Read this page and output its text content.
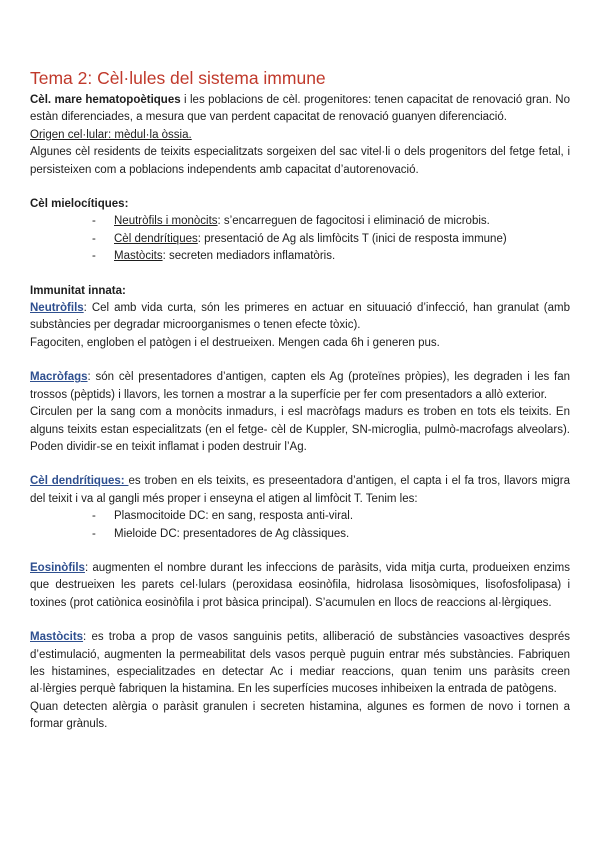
Tema 2: Cèl·lules del sistema immune

Cèl. mare hematopoètiques i les poblacions de cèl. progenitores: tenen capacitat de renovació gran. No estàn diferenciades, a mesura que van perdent capacitat de renovació guanyen diferenciació.

Origen cel·lular: mèdul·la òssia.

Algunes cèl residents de teixits especialitzats sorgeixen del sac vitel·li o dels progenitors del fetge fetal, i persisteixen com a poblacions independents amb capacitat d’autorenovació.

Cèl mielocítiques:

- Neutròfils i monòcits: s’encarreguen de fagocitosi i eliminació de microbis.
- Cèl dendrítiques: presentació de Ag als limfòcits T (inici de resposta immune)
- Mastòcits: secreten mediadors inflamatòris.

Immunitat innata:

Neutròfils: Cel amb vida curta, són les primeres en actuar en situuació d’infecció, han granulat (amb substàncies per degradar microorganismes o tenen efecte tòxic).

Fagociten, engloben el patògen i el destrueixen. Mengen cada 6h i generen pus.

Macròfags: són cèl presentadores d’antigen, capten els Ag (proteïnes pròpies), les degraden i les fan trossos (pèptids) i llavors, les tornen a mostrar a la superfície per fer com presentadors a allò exterior.

Circulen per la sang com a monòcits inmadurs, i esl macròfags madurs es troben en tots els teixits. En alguns teixits estan especialitzats (en el fetge- cèl de Kuppler, SN-microglia, pulmò-macrofags alveolars). Poden dividir-se en teixit inflamat i poden destruir l’Ag.

Cèl dendrítiques: es troben en els teixits, es preseentadora d’antigen, el capta i el fa tros, llavors migra del teixit i va al gangli més proper i enseyna el atigen al limfòcit T. Tenim les:

- Plasmocitoide DC: en sang, resposta anti-viral.
- Mieloide DC: presentadores de Ag clàssiques.

Eosinòfils: augmenten el nombre durant les infeccions de paràsits, vida mitja curta, produeixen enzims que destrueixen les parets cel·lulars (peroxidasa eosinòfila, hidrolasa lisosòmiques, lisofosfolipasa) i toxines (prot catiònica eosinòfila i prot bàsica principal). S’acumulen en llocs de reaccions al·lèrgiques.

Mastòcits: es troba a prop de vasos sanguinis petits, alliberació de substàncies vasoactives després d’estimulació, augmenten la permeabilitat dels vasos perquè puguin entrar més substàncies. Fabriquen les histamines, especialitzades en detectar Ac i mediar reaccions, quan tenim uns paràsits creen al·lèrgies perquè fabriquen la histamina. En les superfícies mucoses inhibeixen la entrada de patògens.

Quan detecten alèrgia o paràsit granulen i secreten histamina, algunes es formen de novo i tornen a formar grànuls.
